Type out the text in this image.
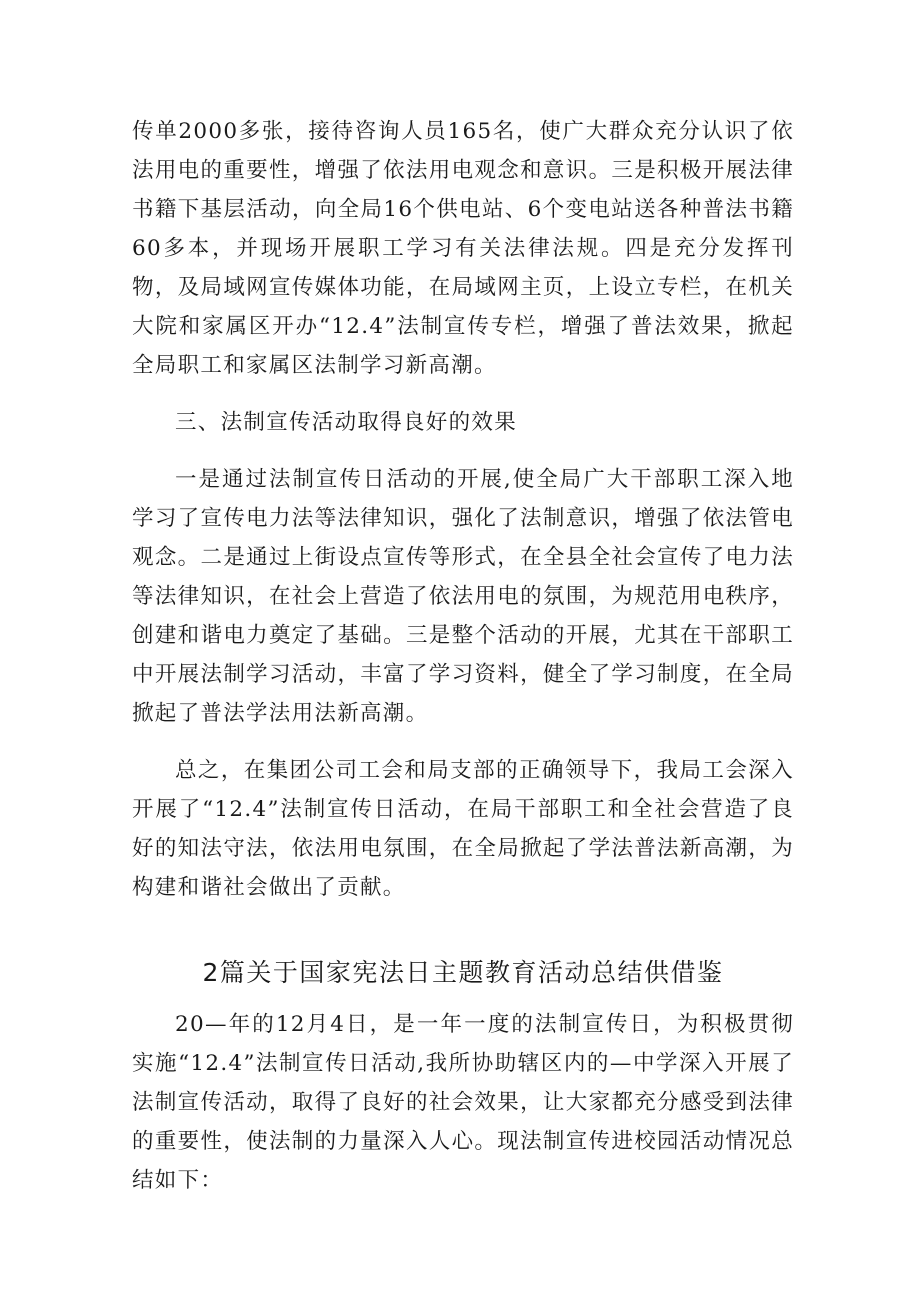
传单2000多张，接待咨询人员165名，使广大群众充分认识了依法用电的重要性，增强了依法用电观念和意识。三是积极开展法律书籍下基层活动，向全局16个供电站、6个变电站送各种普法书籍60多本，并现场开展职工学习有关法律法规。四是充分发挥刊物，及局域网宣传媒体功能，在局域网主页，上设立专栏，在机关大院和家属区开办“12.4”法制宣传专栏，增强了普法效果，掀起全局职工和家属区法制学习新高潮。

三、法制宣传活动取得良好的效果

一是通过法制宣传日活动的开展,使全局广大干部职工深入地学习了宣传电力法等法律知识，强化了法制意识，增强了依法管电观念。二是通过上街设点宣传等形式，在全县全社会宣传了电力法等法律知识，在社会上营造了依法用电的氛围，为规范用电秩序，创建和谐电力奠定了基础。三是整个活动的开展，尤其在干部职工中开展法制学习活动，丰富了学习资料，健全了学习制度，在全局掀起了普法学法用法新高潮。

总之，在集团公司工会和局支部的正确领导下，我局工会深入开展了“12.4”法制宣传日活动，在局干部职工和全社会营造了良好的知法守法，依法用电氛围，在全局掀起了学法普法新高潮，为构建和谐社会做出了贡献。

2篇关于国家宪法日主题教育活动总结供借鉴

20—年的12月4日，是一年一度的法制宣传日，为积极贯彻实施“12.4”法制宣传日活动,我所协助辖区内的—中学深入开展了法制宣传活动，取得了良好的社会效果，让大家都充分感受到法律的重要性，使法制的力量深入人心。现法制宣传进校园活动情况总结如下：
